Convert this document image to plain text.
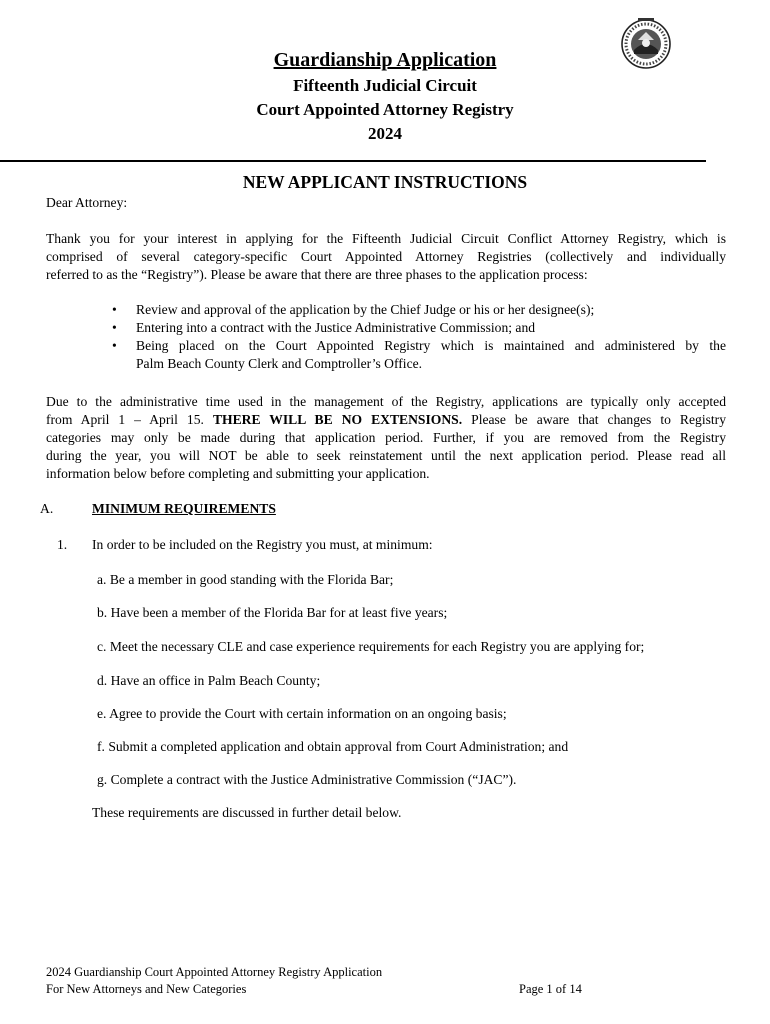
Guardianship Application
Fifteenth Judicial Circuit
Court Appointed Attorney Registry
2024
NEW APPLICANT INSTRUCTIONS
Dear Attorney:
Thank you for your interest in applying for the Fifteenth Judicial Circuit Conflict Attorney Registry, which is
comprised of several category-specific Court Appointed Attorney Registries (collectively and individually
referred to as the “Registry”). Please be aware that there are three phases to the application process:
• Review and approval of the application by the Chief Judge or his or her designee(s);
• Entering into a contract with the Justice Administrative Commission; and
• Being placed on the Court Appointed Registry which is maintained and administered by the
Palm Beach County Clerk and Comptroller’s Office.
Due to the administrative time used in the management of the Registry, applications are typically only accepted
from April 1 – April 15. THERE WILL BE NO EXTENSIONS. Please be aware that changes to Registry
categories may only be made during that application period. Further, if you are removed from the Registry
during the year, you will NOT be able to seek reinstatement until the next application period. Please read all
information below before completing and submitting your application.
A.	MINIMUM REQUIREMENTS
1. In order to be included on the Registry you must, at minimum:
a. Be a member in good standing with the Florida Bar;
b. Have been a member of the Florida Bar for at least five years;
c. Meet the necessary CLE and case experience requirements for each Registry you are applying for;
d. Have an office in Palm Beach County;
e. Agree to provide the Court with certain information on an ongoing basis;
f. Submit a completed application and obtain approval from Court Administration; and
g. Complete a contract with the Justice Administrative Commission (“JAC”).
These requirements are discussed in further detail below.
2024 Guardianship Court Appointed Attorney Registry Application
For New Attorneys and New Categories	Page 1 of 14
